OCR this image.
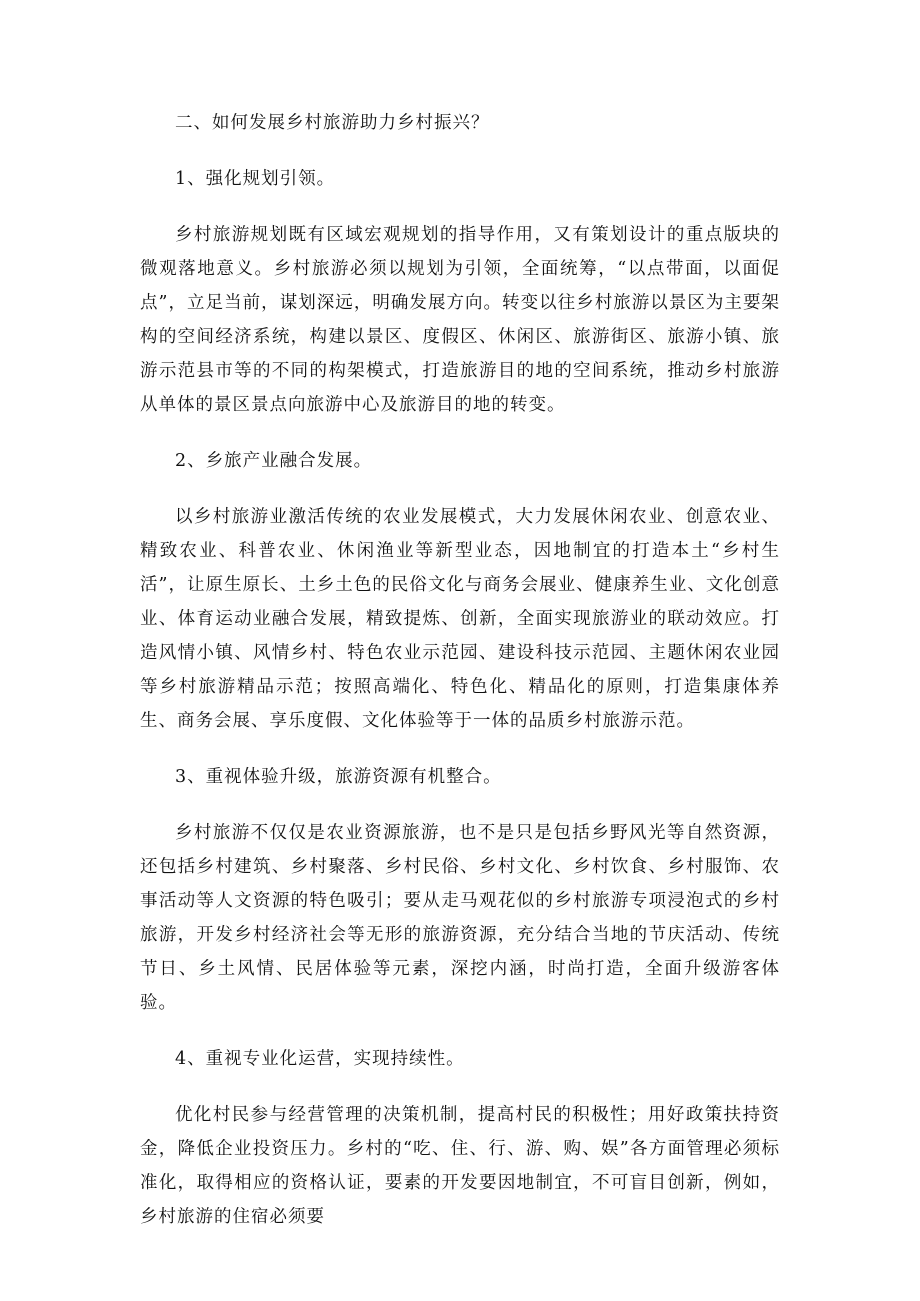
二、如何发展乡村旅游助力乡村振兴？

1、强化规划引领。

乡村旅游规划既有区域宏观规划的指导作用，又有策划设计的重点版块的微观落地意义。乡村旅游必须以规划为引领，全面统筹，“以点带面，以面促点”，立足当前，谋划深远，明确发展方向。转变以往乡村旅游以景区为主要架构的空间经济系统，构建以景区、度假区、休闲区、旅游街区、旅游小镇、旅游示范县市等的不同的构架模式，打造旅游目的地的空间系统，推动乡村旅游从单体的景区景点向旅游中心及旅游目的地的转变。

2、乡旅产业融合发展。

以乡村旅游业激活传统的农业发展模式，大力发展休闲农业、创意农业、精致农业、科普农业、休闲渔业等新型业态，因地制宜的打造本土“乡村生活”，让原生原长、土乡土色的民俗文化与商务会展业、健康养生业、文化创意业、体育运动业融合发展，精致提炼、创新，全面实现旅游业的联动效应。打造风情小镇、风情乡村、特色农业示范园、建设科技示范园、主题休闲农业园等乡村旅游精品示范；按照高端化、特色化、精品化的原则，打造集康体养生、商务会展、享乐度假、文化体验等于一体的品质乡村旅游示范。

3、重视体验升级，旅游资源有机整合。

乡村旅游不仅仅是农业资源旅游，也不是只是包括乡野风光等自然资源，还包括乡村建筑、乡村聚落、乡村民俗、乡村文化、乡村饮食、乡村服饰、农事活动等人文资源的特色吸引；要从走马观花似的乡村旅游专项浸泡式的乡村旅游，开发乡村经济社会等无形的旅游资源，充分结合当地的节庆活动、传统节日、乡土风情、民居体验等元素，深挖内涵，时尚打造，全面升级游客体验。

4、重视专业化运营，实现持续性。

优化村民参与经营管理的决策机制，提高村民的积极性；用好政策扶持资金，降低企业投资压力。乡村的“吃、住、行、游、购、娱”各方面管理必须标准化，取得相应的资格认证，要素的开发要因地制宜，不可盲目创新，例如，乡村旅游的住宿必须要
